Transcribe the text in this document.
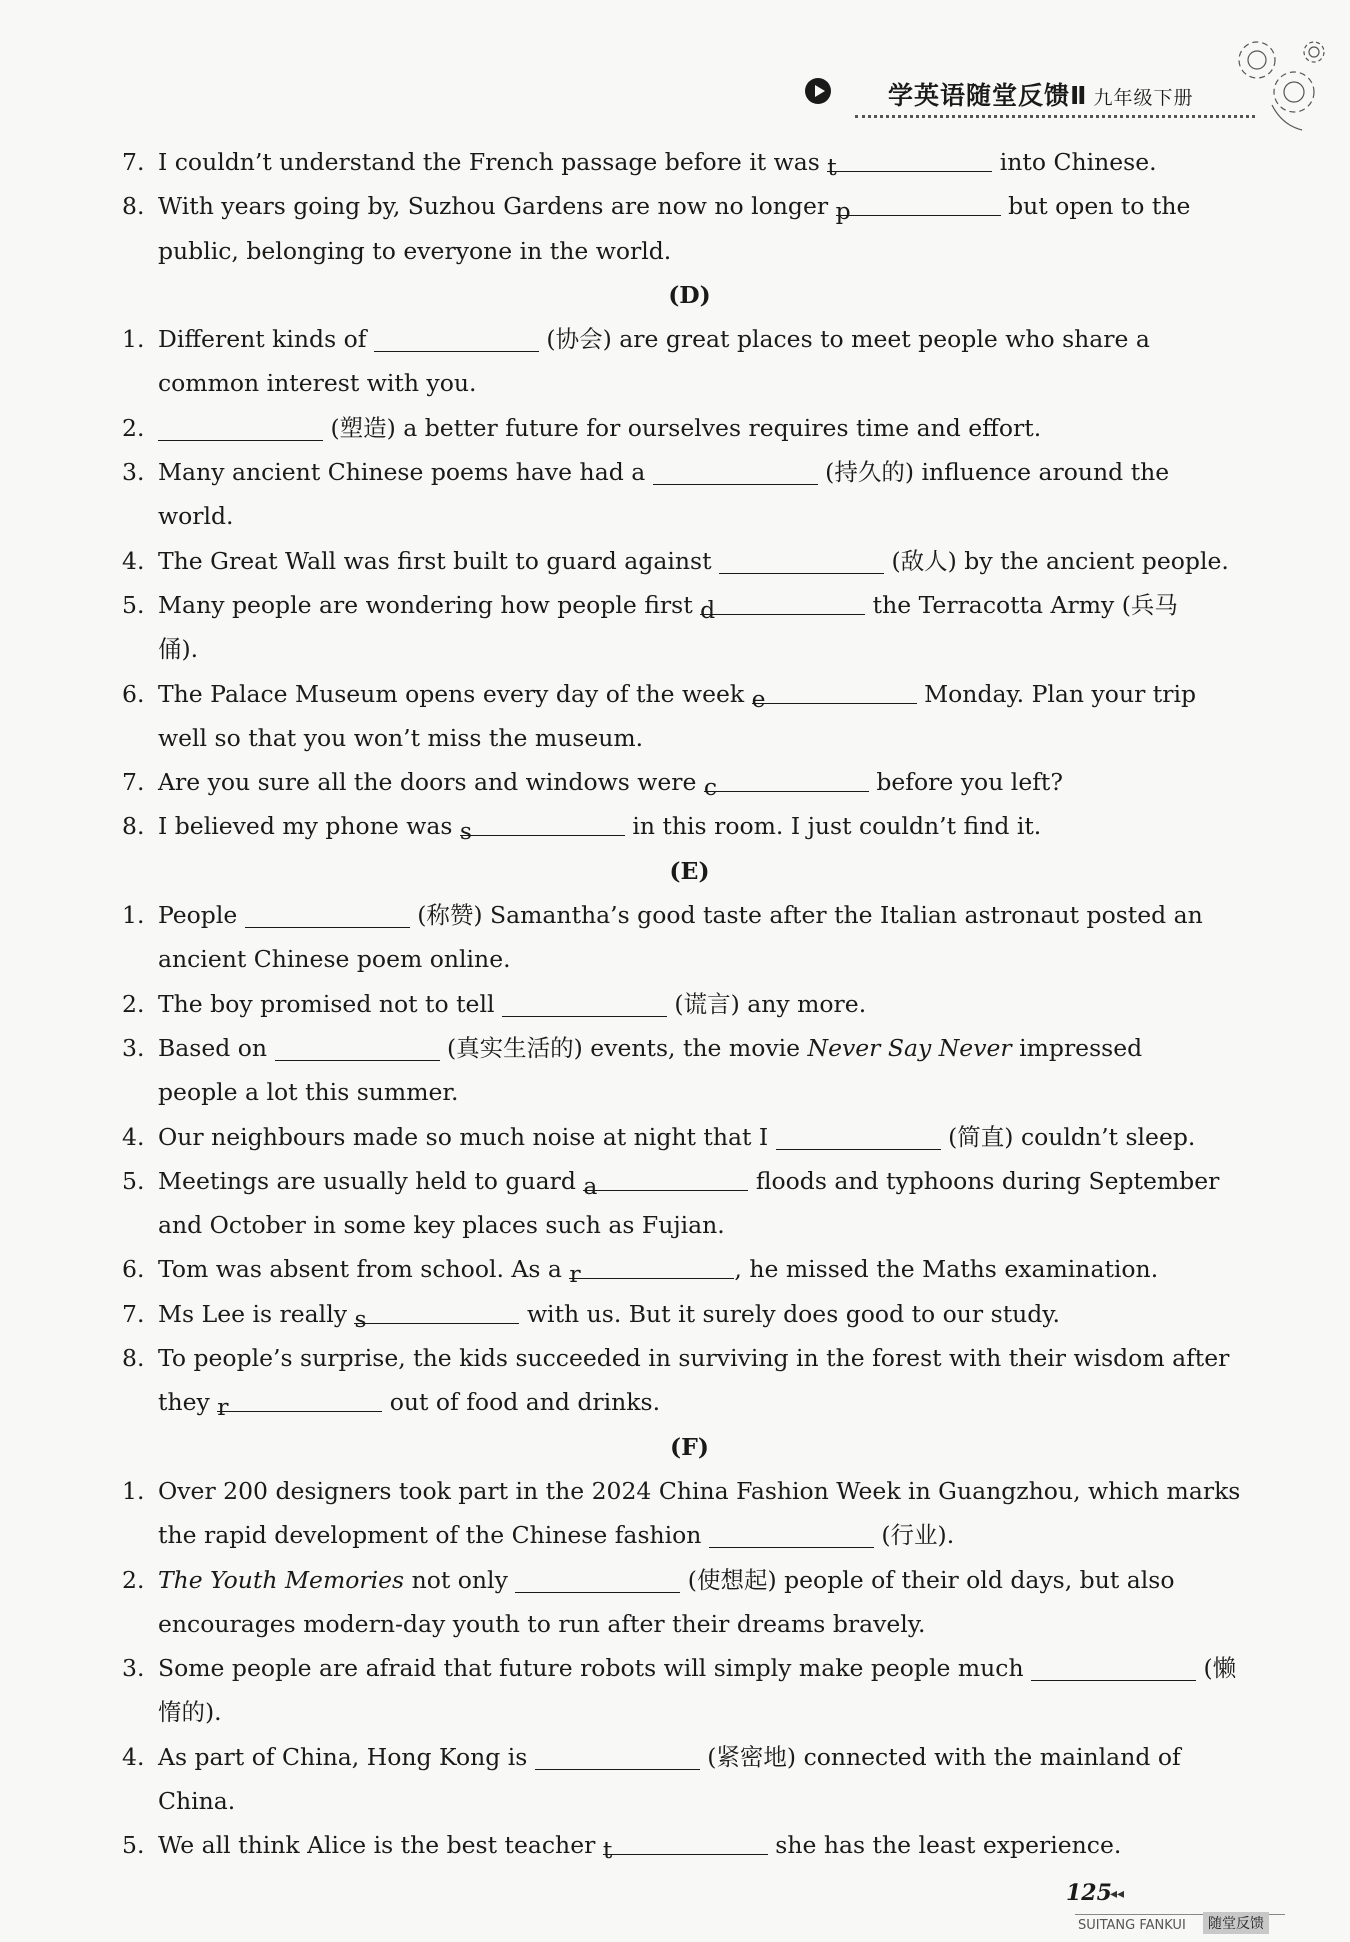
学英语随堂反馈Ⅱ 九年级下册
7. I couldn’t understand the French passage before it was t	into Chinese.
8. With years going by, Suzhou Gardens are now no longer p	but open to the
public, belonging to everyone in the world.
(D)
1. Different kinds of	(协会) are great places to meet people who share a
common interest with you.
2.	(塑造) a better future for ourselves requires time and effort.
3. Many ancient Chinese poems have had a	(持久的) influence around the
world.
4. The Great Wall was first built to guard against	(敌人) by the ancient people.
5. Many people are wondering how people first d	the Terracotta Army (兵马
俑).
6. The Palace Museum opens every day of the week e	Monday. Plan your trip
well so that you won’t miss the museum.
7. Are you sure all the doors and windows were c	before you left?
8. I believed my phone was s	in this room. I just couldn’t find it.
(E)
1. People	(称赞) Samantha’s good taste after the Italian astronaut posted an
ancient Chinese poem online.
2. The boy promised not to tell	(谎言) any more.
3. Based on	(真实生活的) events, the movie Never Say Never impressed
people a lot this summer.
4. Our neighbours made so much noise at night that I	(简直) couldn’t sleep.
5. Meetings are usually held to guard a	floods and typhoons during September
and October in some key places such as Fujian.
6. Tom was absent from school. As a r	, he missed the Maths examination.
7. Ms Lee is really s	with us. But it surely does good to our study.
8. To people’s surprise, the kids succeeded in surviving in the forest with their wisdom after
they r	out of food and drinks.
(F)
1. Over 200 designers took part in the 2024 China Fashion Week in Guangzhou, which marks
the rapid development of the Chinese fashion	(行业).
2. The Youth Memories not only	(使想起) people of their old days, but also
encourages modern-day youth to run after their dreams bravely.
3. Some people are afraid that future robots will simply make people much	(懒
惰的).
4. As part of China, Hong Kong is	(紧密地) connected with the mainland of
China.
5. We all think Alice is the best teacher t	she has the least experience.
125
◂◂
SUITANG FANKUI	随堂反馈
